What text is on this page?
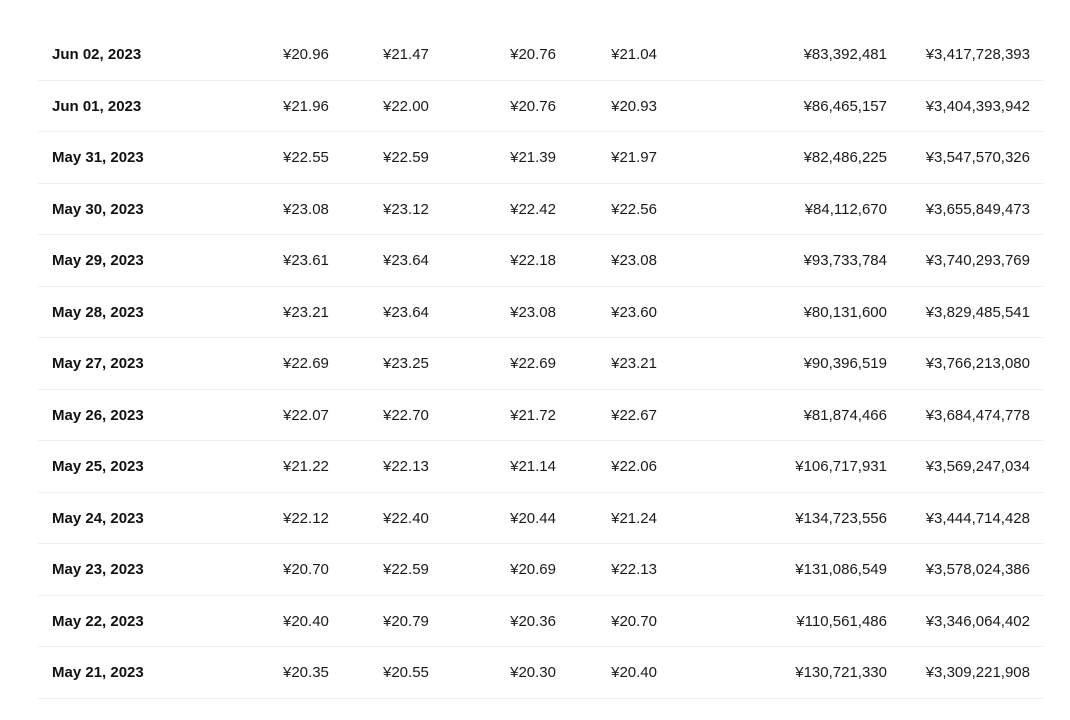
Jun 02, 2023	¥20.96	¥21.47	¥20.76	¥21.04	¥83,392,481	¥3,417,728,393
Jun 01, 2023	¥21.96	¥22.00	¥20.76	¥20.93	¥86,465,157	¥3,404,393,942
May 31, 2023	¥22.55	¥22.59	¥21.39	¥21.97	¥82,486,225	¥3,547,570,326
May 30, 2023	¥23.08	¥23.12	¥22.42	¥22.56	¥84,112,670	¥3,655,849,473
May 29, 2023	¥23.61	¥23.64	¥22.18	¥23.08	¥93,733,784	¥3,740,293,769
May 28, 2023	¥23.21	¥23.64	¥23.08	¥23.60	¥80,131,600	¥3,829,485,541
May 27, 2023	¥22.69	¥23.25	¥22.69	¥23.21	¥90,396,519	¥3,766,213,080
May 26, 2023	¥22.07	¥22.70	¥21.72	¥22.67	¥81,874,466	¥3,684,474,778
May 25, 2023	¥21.22	¥22.13	¥21.14	¥22.06	¥106,717,931	¥3,569,247,034
May 24, 2023	¥22.12	¥22.40	¥20.44	¥21.24	¥134,723,556	¥3,444,714,428
May 23, 2023	¥20.70	¥22.59	¥20.69	¥22.13	¥131,086,549	¥3,578,024,386
May 22, 2023	¥20.40	¥20.79	¥20.36	¥20.70	¥110,561,486	¥3,346,064,402
May 21, 2023	¥20.35	¥20.55	¥20.30	¥20.40	¥130,721,330	¥3,309,221,908
